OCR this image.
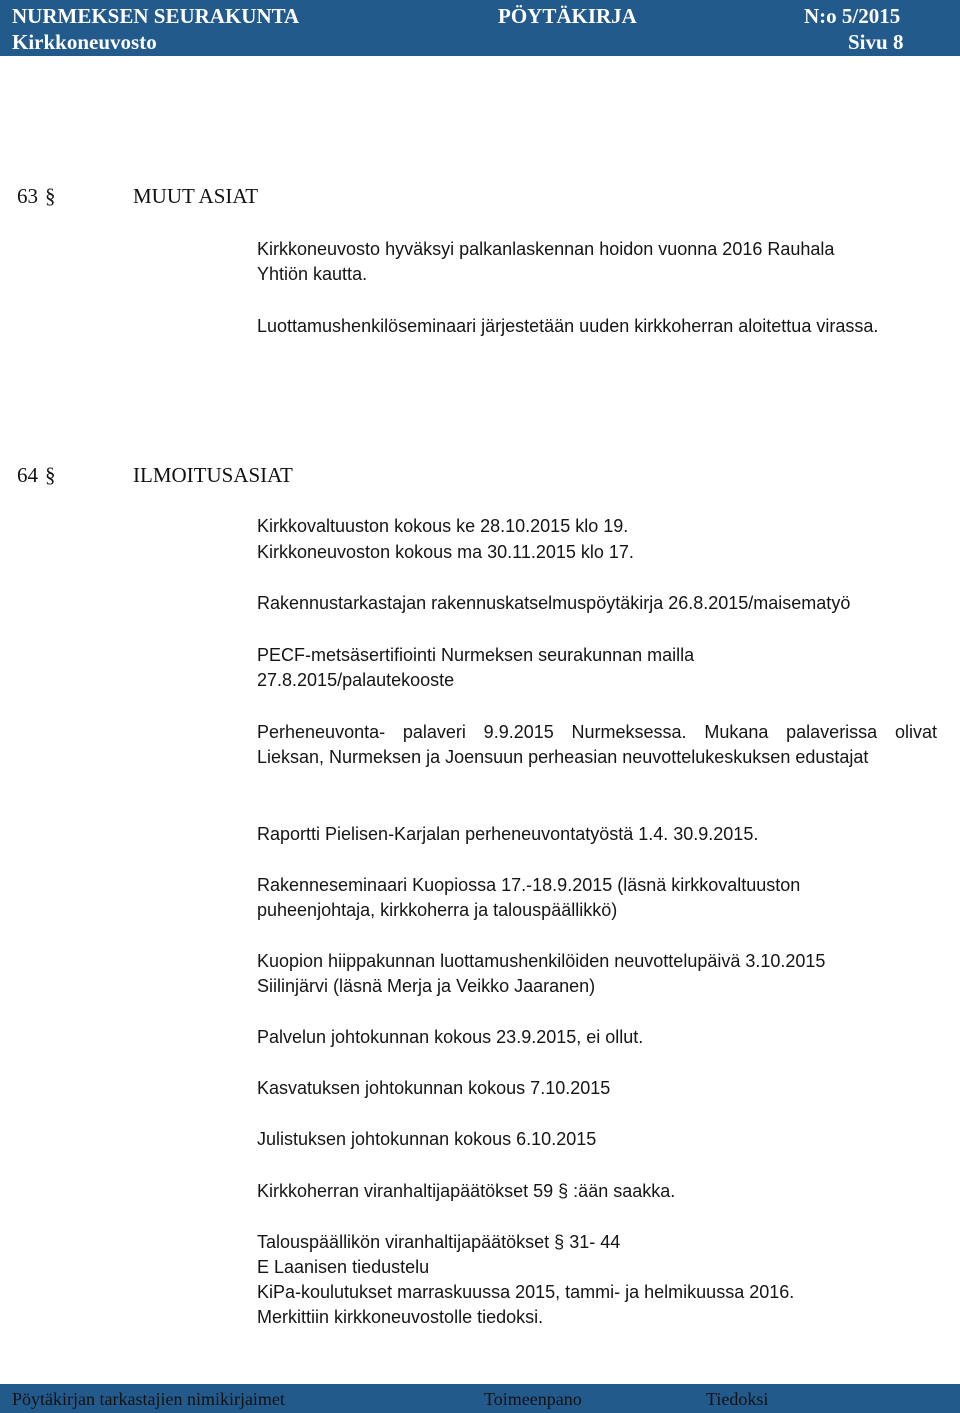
NURMEKSEN SEURAKUNTA	PÖYTÄKIRJA	N:o 5/2015
Kirkkoneuvosto	Sivu 8
63 §	MUUT ASIAT
Kirkkoneuvosto hyväksyi palkanlaskennan hoidon vuonna 2016 Rauhala
Yhtiön kautta.
Luottamushenkilöseminaari järjestetään uuden kirkkoherran aloitettua virassa.
64 §	ILMOITUSASIAT
Kirkkovaltuuston kokous ke 28.10.2015 klo 19.
Kirkkoneuvoston kokous ma 30.11.2015 klo 17.
Rakennustarkastajan rakennuskatselmuspöytäkirja 26.8.2015/maisematyö
PECF-metsäsertifiointi Nurmeksen seurakunnan mailla
27.8.2015/palautekooste
Perheneuvonta- palaveri 9.9.2015 Nurmeksessa. Mukana palaverissa olivat
Lieksan, Nurmeksen ja Joensuun perheasian neuvottelukeskuksen edustajat
Raportti Pielisen-Karjalan perheneuvontatyöstä 1.4. 30.9.2015.
Rakenneseminaari Kuopiossa 17.-18.9.2015 (läsnä kirkkovaltuuston
puheenjohtaja, kirkkoherra ja talouspäällikkö)
Kuopion hiippakunnan luottamushenkilöiden neuvottelupäivä 3.10.2015
Siilinjärvi (läsnä Merja ja Veikko Jaaranen)
Palvelun johtokunnan kokous 23.9.2015, ei ollut.
Kasvatuksen johtokunnan kokous 7.10.2015
Julistuksen johtokunnan kokous 6.10.2015
Kirkkoherran viranhaltijapäätökset 59 § :ään saakka.
Talouspäällikön viranhaltijapäätökset § 31- 44
E Laanisen tiedustelu
KiPa-koulutukset marraskuussa 2015, tammi- ja helmikuussa 2016.
Merkittiin kirkkoneuvostolle tiedoksi.
Pöytäkirjan tarkastajien nimikirjaimet	Toimeenpano	Tiedoksi
